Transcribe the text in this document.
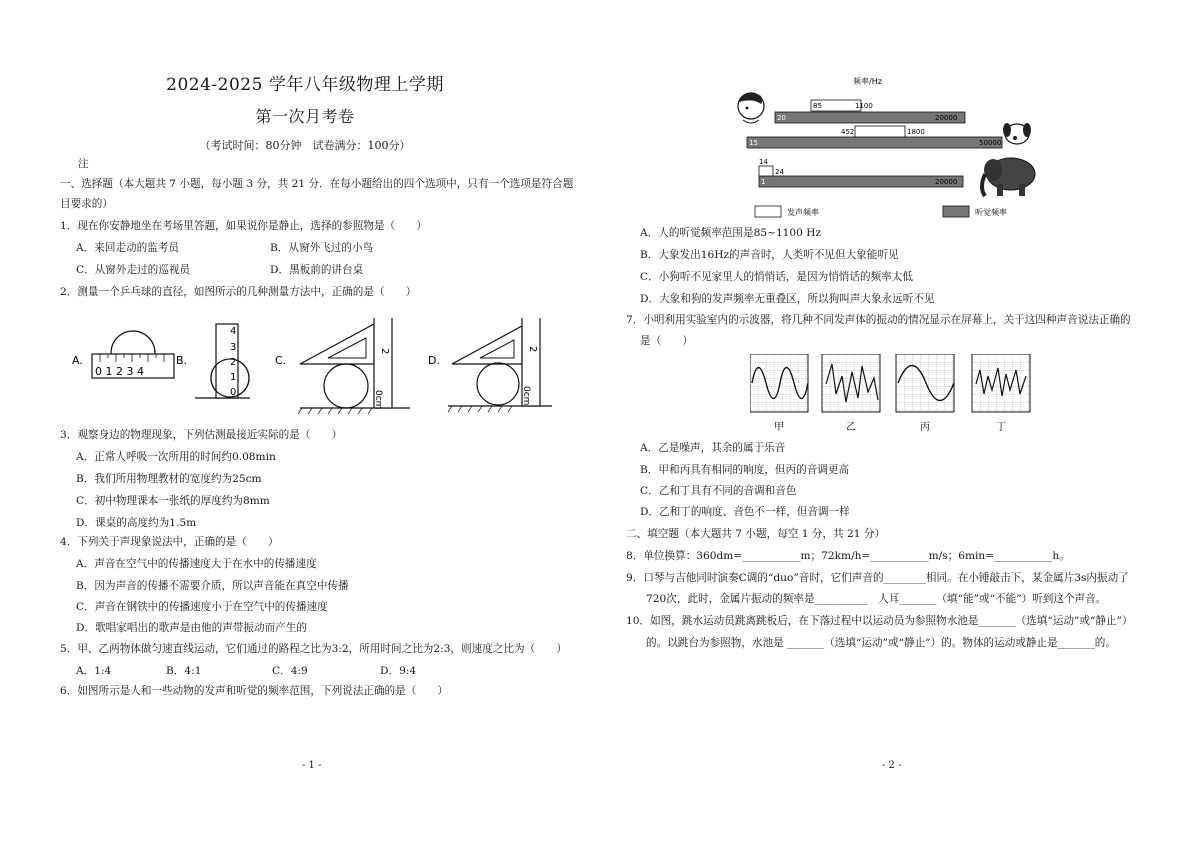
2024-2025 学年八年级物理上学期
第一次月考卷
（考试时间：80分钟　试卷满分：100分）
注
一、选择题（本大题共 7 小题，每小题 3 分，共 21 分．在每小题给出的四个选项中，只有一个选项是符合题
目要求的）
1．现在你安静地坐在考场里答题，如果说你是静止，选择的参照物是（　　）
A．来回走动的监考员	B．从窗外飞过的小鸟
C．从窗外走过的巡视员	D．黑板前的讲台桌
2．测量一个乒乓球的直径，如图所示的几种测量方法中，正确的是（　　）
A.
0 1 2 3 4
B.
4
3
2
1
0
C.
2
0cm
D.
2
0cm
3．观察身边的物理现象，下列估测最接近实际的是（　　）
A．正常人呼吸一次所用的时间约0.08min
B．我们所用物理教材的宽度约为25cm
C．初中物理课本一张纸的厚度约为8mm
D．课桌的高度约为1.5m
4．下列关于声现象说法中，正确的是（　　）
A．声音在空气中的传播速度大于在水中的传播速度
B．因为声音的传播不需要介质，所以声音能在真空中传播
C．声音在钢铁中的传播速度小于在空气中的传播速度
D．歌唱家唱出的歌声是由他的声带振动而产生的
5．甲、乙两物体做匀速直线运动，它们通过的路程之比为3:2，所用时间之比为2:3，则速度之比为（　　）
A．1:4	B．4:1	C．4:9	D．9:4
6．如图所示是人和一些动物的发声和听觉的频率范围，下列说法正确的是（　　）
- 1 -
频率/Hz
85	1100
20	20000
452	1800
15	50000
14
24
1	20000
发声频率	听觉频率
A．人的听觉频率范围是85~1100 Hz
B．大象发出16Hz的声音时，人类听不见但大象能听见
C．小狗听不见家里人的悄悄话，是因为悄悄话的频率太低
D．大象和狗的发声频率无重叠区，所以狗叫声大象永远听不见
7．小明利用实验室内的示波器，将几种不同发声体的振动的情况显示在屏幕上，关于这四种声音说法正确的
是（　　）
甲	乙	丙	丁
A．乙是噪声，其余的属于乐音
B．甲和丙具有相同的响度，但丙的音调更高
C．乙和丁具有不同的音调和音色
D．乙和丁的响度、音色不一样，但音调一样
二、填空题（本大题共 7 小题，每空 1 分，共 21 分）
8．单位换算：360dm=___________m；72km/h=___________m/s；6min=___________h。
9．口琴与吉他同时演奏C调的“duo”音时，它们声音的________相同。在小锤敲击下，某金属片3s内振动了
720次，此时，金属片振动的频率是__________　人耳_______（填“能”或“不能”）听到这个声音。
10．如图，跳水运动员跳离跳板后，在下落过程中以运动员为参照物水池是_______（选填“运动”或“静止”）
的。以跳台为参照物，水池是 _______（选填“运动”或“静止”）的。物体的运动或静止是_______的。
- 2 -
